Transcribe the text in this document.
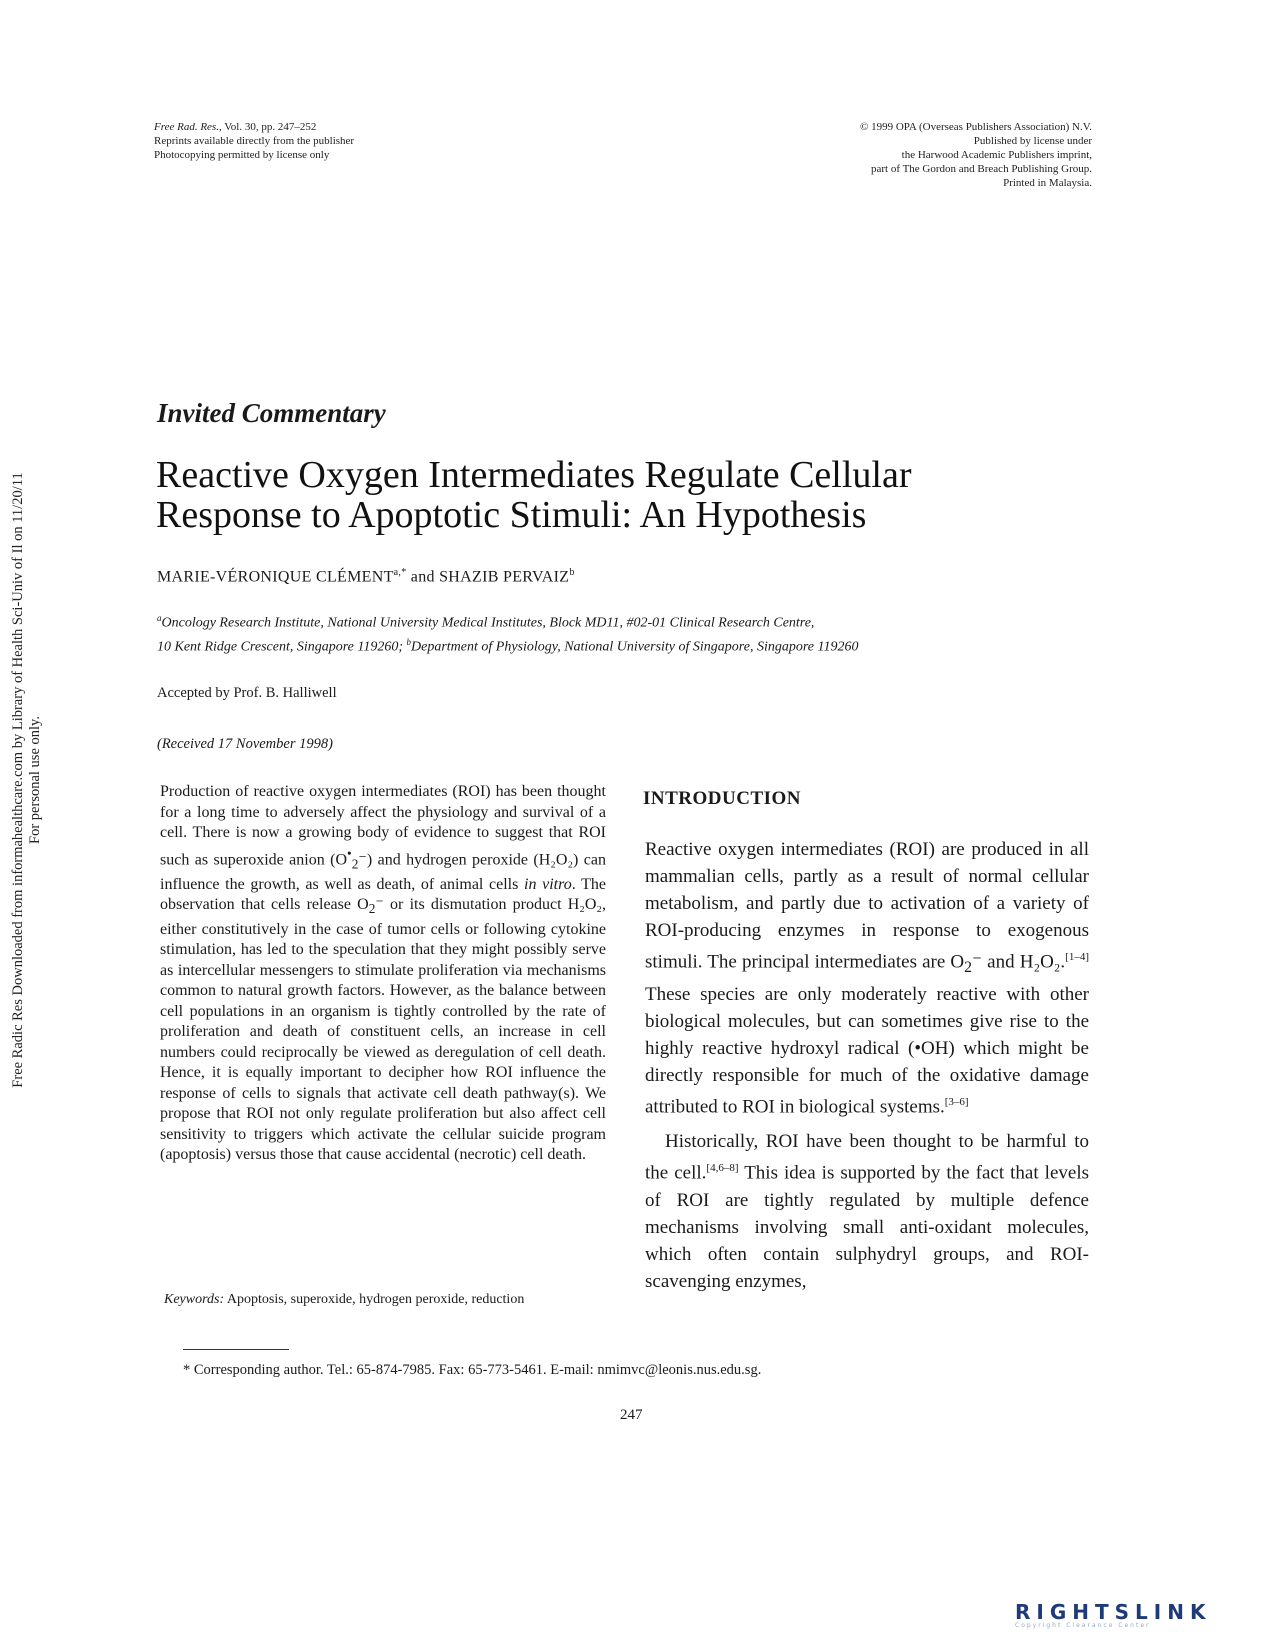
Free Rad. Res., Vol. 30, pp. 247–252
Reprints available directly from the publisher
Photocopying permitted by license only
© 1999 OPA (Overseas Publishers Association) N.V.
Published by license under
the Harwood Academic Publishers imprint,
part of The Gordon and Breach Publishing Group.
Printed in Malaysia.
Free Radic Res Downloaded from informahealthcare.com by Library of Health Sci-Univ of Il on 11/20/11 For personal use only.
Invited Commentary
Reactive Oxygen Intermediates Regulate Cellular
Response to Apoptotic Stimuli: An Hypothesis
MARIE-VÉRONIQUE $CLÉMENT^{a,*}$ and SHAZIB PERVAIZ$^b$
$^a$Oncology Research Institute, National University Medical Institutes, Block MD11, #02-01 Clinical Research Centre,
10 Kent Ridge Crescent, Singapore 119260; $^b$Department of Physiology, National University of Singapore, Singapore 119260
Accepted by Prof. B. Halliwell
(Received 17 November 1998)
Production of reactive oxygen intermediates (ROI) has been thought for a long time to adversely affect the physiology and survival of a cell. There is now a growing body of evidence to suggest that ROI such as superoxide anion $(O^•_2^-)$ and hydrogen peroxide (H₂O₂) can influence the growth, as well as death, of animal cells in vitro. The observation that cells release $O_2^-$ or its dismutation product H₂O₂, either constitutively in the case of tumor cells or following cytokine stimulation, has led to the speculation that they might possibly serve as intercellular messengers to stimulate proliferation via mechanisms common to natural growth factors. However, as the balance between cell populations in an organism is tightly controlled by the rate of proliferation and death of constituent cells, an increase in cell numbers could reciprocally be viewed as deregulation of cell death. Hence, it is equally important to decipher how ROI influence the response of cells to signals that activate cell death pathway(s). We propose that ROI not only regulate proliferation but also affect cell sensitivity to triggers which activate the cellular suicide program (apoptosis) versus those that cause accidental (necrotic) cell death.
Keywords: Apoptosis, superoxide, hydrogen peroxide, reduction
INTRODUCTION

Reactive oxygen intermediates (ROI) are produced in all mammalian cells, partly as a result of normal cellular metabolism, and partly due to activation of a variety of ROI-producing enzymes in response to exogenous stimuli. The principal intermediates are $O_2^-$ and H₂O₂.[1–4] These species are only moderately reactive with other biological molecules, but can sometimes give rise to the highly reactive hydroxyl radical (•OH) which might be directly responsible for much of the oxidative damage attributed to ROI in biological systems.[3–6]

Historically, ROI have been thought to be harmful to the cell.[4,6–8] This idea is supported by the fact that levels of ROI are tightly regulated by multiple defence mechanisms involving small anti-oxidant molecules, which often contain sulphydryl groups, and ROI-scavenging enzymes,

* Corresponding author. Tel.: 65-874-7985. Fax: 65-773-5461. E-mail: nmimvc@leonis.nus.edu.sg.
247
RIGHTSLINK
Copyright Clearance Center
